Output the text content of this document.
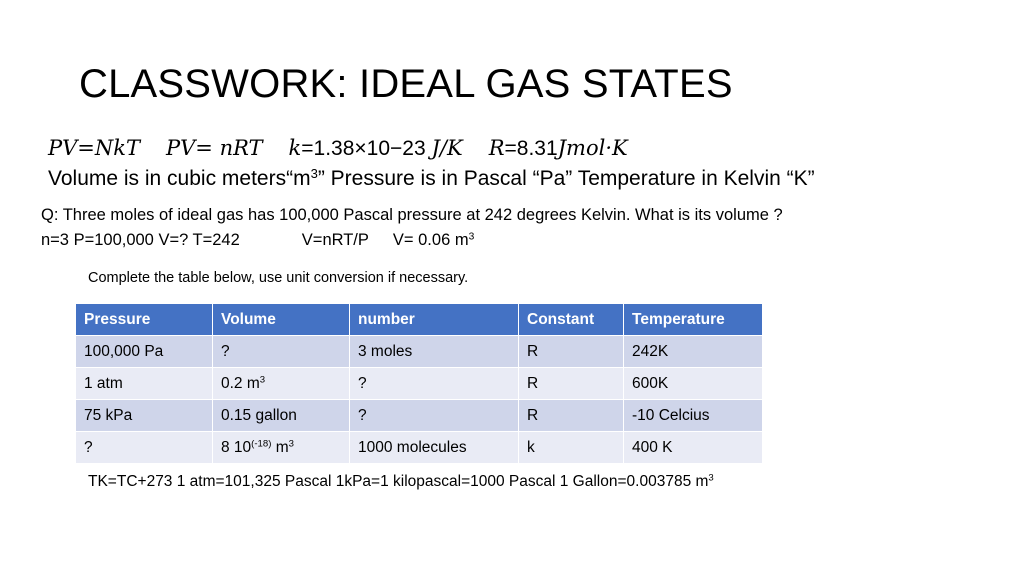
CLASSWORK: IDEAL GAS STATES
PV=NkT PV= nRT k=1.38×10−23 J/K R=8.31Jmol·K
Volume is in cubic $meters“m^3$” Pressure is in Pascal “Pa” Temperature in Kelvin “K”
Q: Three moles of ideal gas has 100,000 Pascal pressure at 242 degrees Kelvin. What is its volume ?
n=3 P=100,000 V=? T=242	V=nRT/P V= 0.06 $m^3$
Complete the table below, use unit conversion if necessary.
Pressure	Volume	number	Constant	Temperature
100,000 Pa	?	3 moles	R	242K
1 atm	0.2 $m^3$	?	R	600K
75 kPa	0.15 gallon	?	R	-10 Celcius
?	8 $10^{(-18)}$ $m^3$	1000 molecules	k	400 K
TK=TC+273 1 atm=101,325 Pascal 1kPa=1 kilopascal=1000 Pascal 1 Gallon=0.003785 $m^3$
